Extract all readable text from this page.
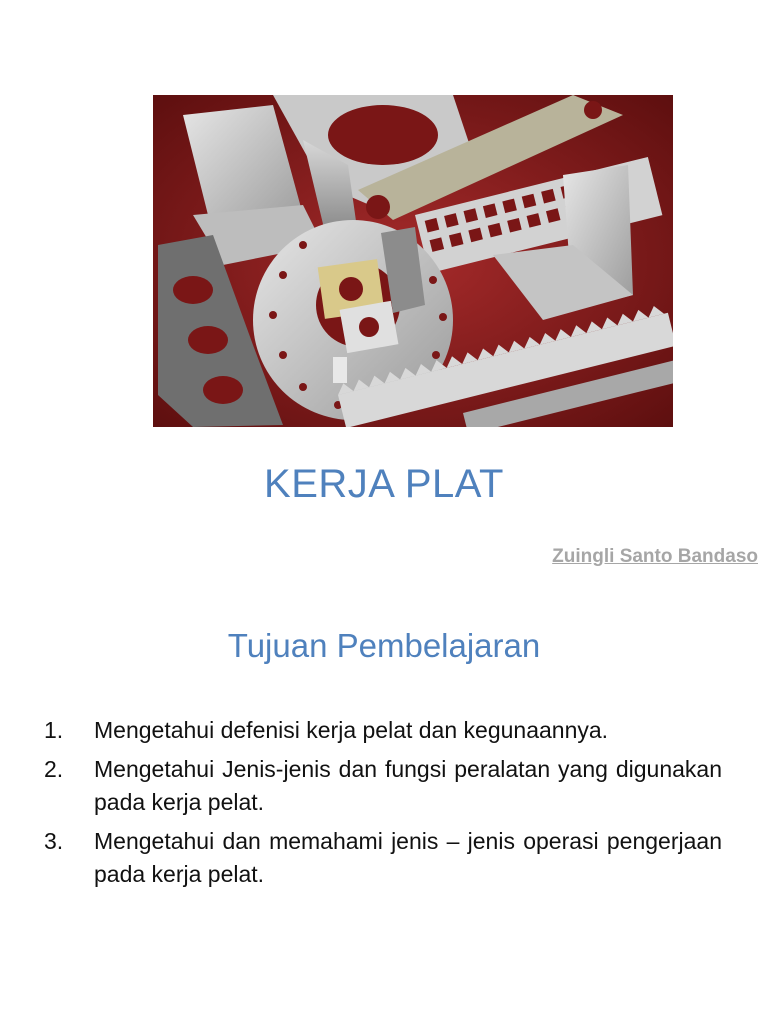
KERJA PLAT
Zuingli Santo Bandaso
Tujuan Pembelajaran
1. Mengetahui defenisi kerja pelat dan kegunaannya.
2. Mengetahui Jenis-jenis dan fungsi peralatan yang digunakan pada kerja pelat.
3. Mengetahui dan memahami jenis – jenis operasi pengerjaan pada kerja pelat.
